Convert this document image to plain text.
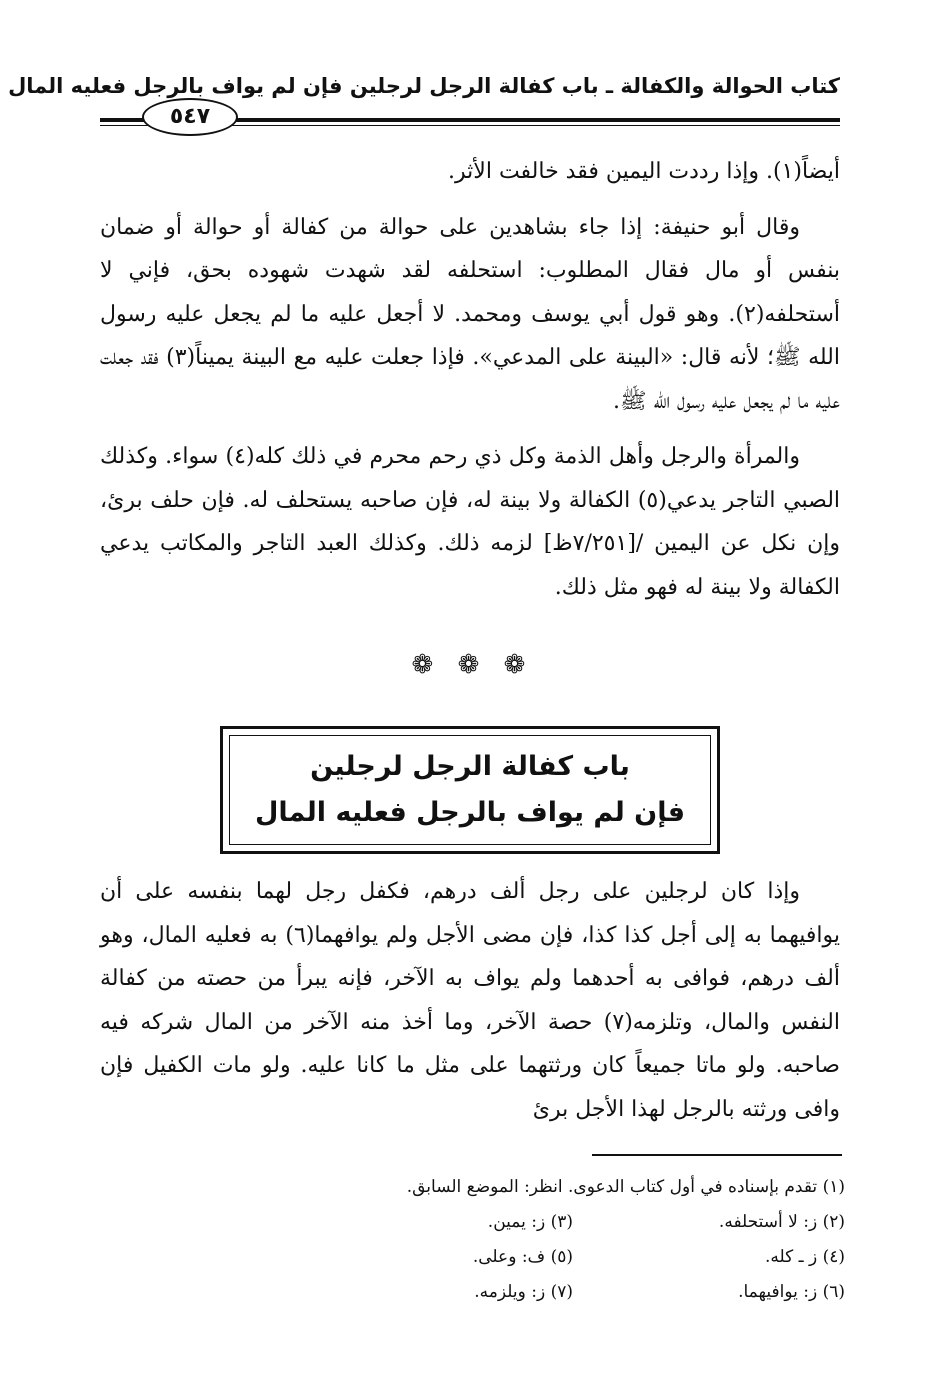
كتاب الحوالة والكفالة ـ باب كفالة الرجل لرجلين فإن لم يواف بالرجل فعليه المال
٥٤٧

أيضاً(١). وإذا رددت اليمين فقد خالفت الأثر.

وقال أبو حنيفة: إذا جاء بشاهدين على حوالة من كفالة أو حوالة أو ضمان بنفس أو مال فقال المطلوب: استحلفه لقد شهدت شهوده بحق، فإني لا أستحلفه(٢). وهو قول أبي يوسف ومحمد. لا أجعل عليه ما لم يجعل عليه رسول الله ﷺ؛ لأنه قال: «البينة على المدعي». فإذا جعلت عليه مع البينة يميناً(٣) فقد جعلت عليه ما لم يجعل عليه رسول الله ﷺ.

والمرأة والرجل وأهل الذمة وكل ذي رحم محرم في ذلك كله(٤) سواء. وكذلك الصبي التاجر يدعي(٥) الكفالة ولا بينة له، فإن صاحبه يستحلف له. فإن حلف برئ، وإن نكل عن اليمين /[٧/٢٥١ظ] لزمه ذلك. وكذلك العبد التاجر والمكاتب يدعي الكفالة ولا بينة له فهو مثل ذلك.

❁ ❁ ❁
باب كفالة الرجل لرجلين
فإن لم يواف بالرجل فعليه المال

وإذا كان لرجلين على رجل ألف درهم، فكفل رجل لهما بنفسه على أن يوافيهما به إلى أجل كذا كذا، فإن مضى الأجل ولم يوافهما(٦) به فعليه المال، وهو ألف درهم، فوافى به أحدهما ولم يواف به الآخر، فإنه يبرأ من حصته من كفالة النفس والمال، وتلزمه(٧) حصة الآخر، وما أخذ منه الآخر من المال شركه فيه صاحبه. ولو ماتا جميعاً كان ورثتهما على مثل ما كانا عليه. ولو مات الكفيل فإن وافى ورثته بالرجل لهذا الأجل برئ

(١) تقدم بإسناده في أول كتاب الدعوى. انظر: الموضع السابق.
(٢) ز: لا أستحلفه.
(٣) ز: يمين.
(٤) ز ـ كله.
(٥) ف: وعلى.
(٦) ز: يوافيهما.
(٧) ز: ويلزمه.
